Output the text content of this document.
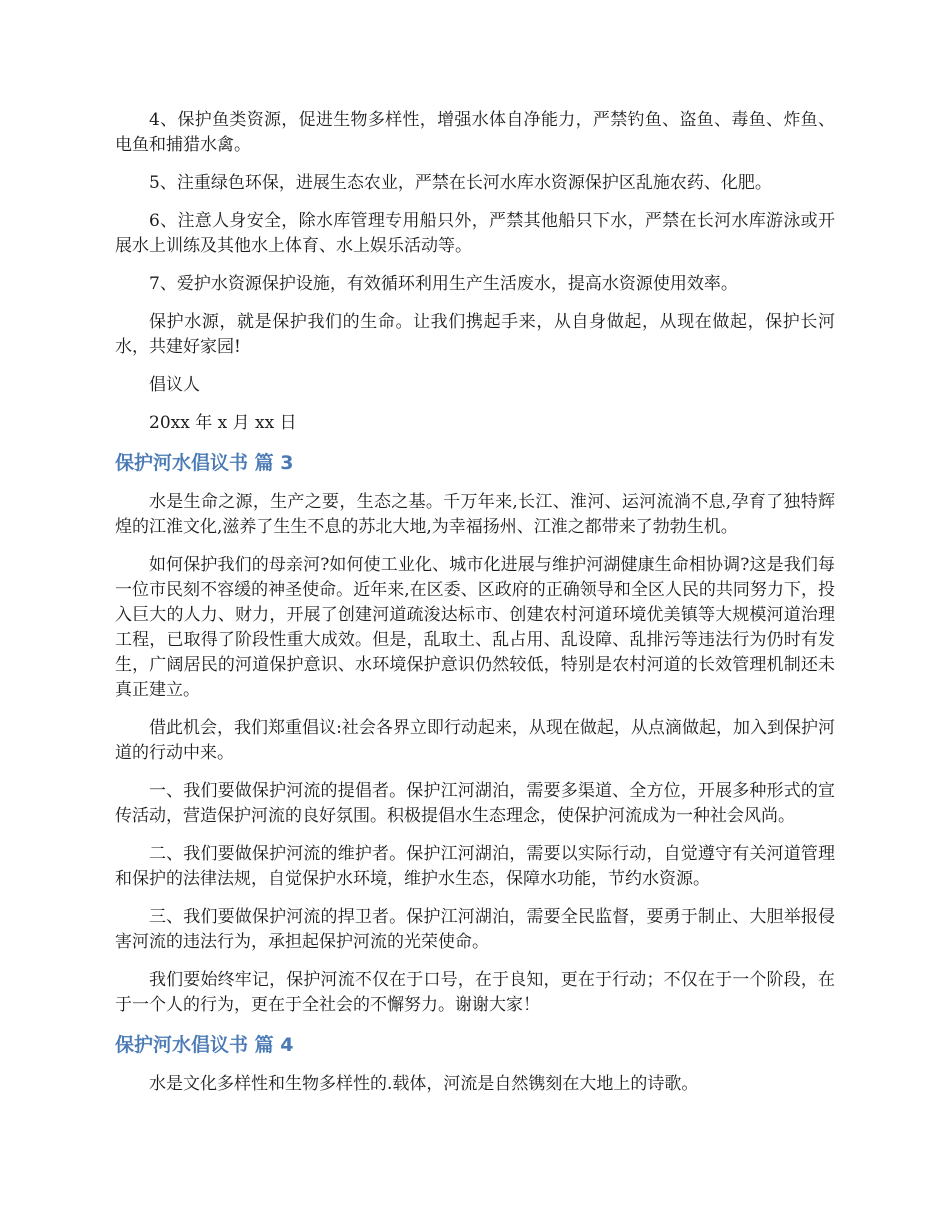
4、保护鱼类资源，促进生物多样性，增强水体自净能力，严禁钓鱼、盗鱼、毒鱼、炸鱼、电鱼和捕猎水禽。

5、注重绿色环保，进展生态农业，严禁在长河水库水资源保护区乱施农药、化肥。

6、注意人身安全，除水库管理专用船只外，严禁其他船只下水，严禁在长河水库游泳或开展水上训练及其他水上体育、水上娱乐活动等。

7、爱护水资源保护设施，有效循环利用生产生活废水，提高水资源使用效率。

保护水源，就是保护我们的生命。让我们携起手来，从自身做起，从现在做起，保护长河水，共建好家园!

倡议人

20xx 年 x 月 xx 日

保护河水倡议书 篇 3

水是生命之源，生产之要，生态之基。千万年来,长江、淮河、运河流淌不息,孕育了独特辉煌的江淮文化,滋养了生生不息的苏北大地,为幸福扬州、江淮之都带来了勃勃生机。

如何保护我们的母亲河?如何使工业化、城市化进展与维护河湖健康生命相协调?这是我们每一位市民刻不容缓的神圣使命。近年来,在区委、区政府的正确领导和全区人民的共同努力下，投入巨大的人力、财力，开展了创建河道疏浚达标市、创建农村河道环境优美镇等大规模河道治理工程，已取得了阶段性重大成效。但是，乱取土、乱占用、乱设障、乱排污等违法行为仍时有发生，广阔居民的河道保护意识、水环境保护意识仍然较低，特别是农村河道的长效管理机制还未真正建立。

借此机会，我们郑重倡议:社会各界立即行动起来，从现在做起，从点滴做起，加入到保护河道的行动中来。

一、我们要做保护河流的提倡者。保护江河湖泊，需要多渠道、全方位，开展多种形式的宣传活动，营造保护河流的良好氛围。积极提倡水生态理念，使保护河流成为一种社会风尚。

二、我们要做保护河流的维护者。保护江河湖泊，需要以实际行动，自觉遵守有关河道管理和保护的法律法规，自觉保护水环境，维护水生态，保障水功能，节约水资源。

三、我们要做保护河流的捍卫者。保护江河湖泊，需要全民监督，要勇于制止、大胆举报侵害河流的违法行为，承担起保护河流的光荣使命。

我们要始终牢记，保护河流不仅在于口号，在于良知，更在于行动；不仅在于一个阶段，在于一个人的行为，更在于全社会的不懈努力。谢谢大家！

保护河水倡议书 篇 4

水是文化多样性和生物多样性的.载体，河流是自然镌刻在大地上的诗歌。
